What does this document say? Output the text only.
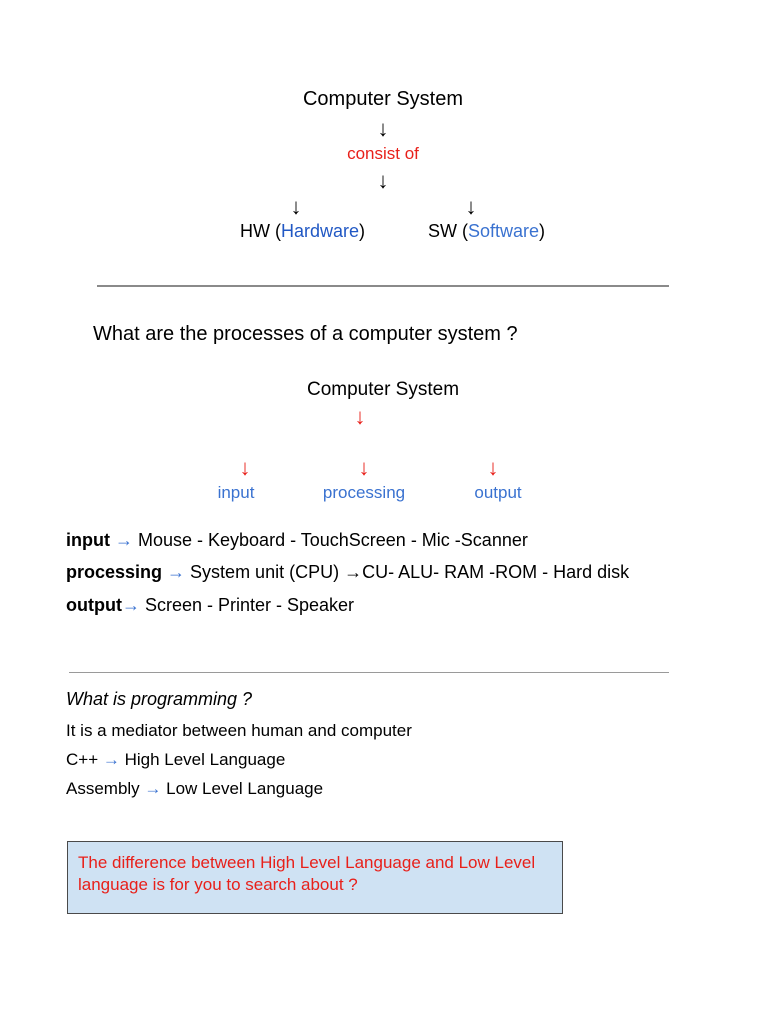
Computer System
↓
consist of
↓
↓	↓
HW (Hardware)	SW (Software)
What are the processes of a computer system ?
Computer System
↓
↓	↓	↓
input	processing	output
input → Mouse - Keyboard - TouchScreen - Mic -Scanner
processing → System unit (CPU) →CU- ALU- RAM -ROM - Hard disk
output→ Screen - Printer - Speaker
What is programming ?
It is a mediator between human and computer
C++ → High Level Language
Assembly → Low Level Language
The difference between High Level Language and Low Level language is for you to search about ?
